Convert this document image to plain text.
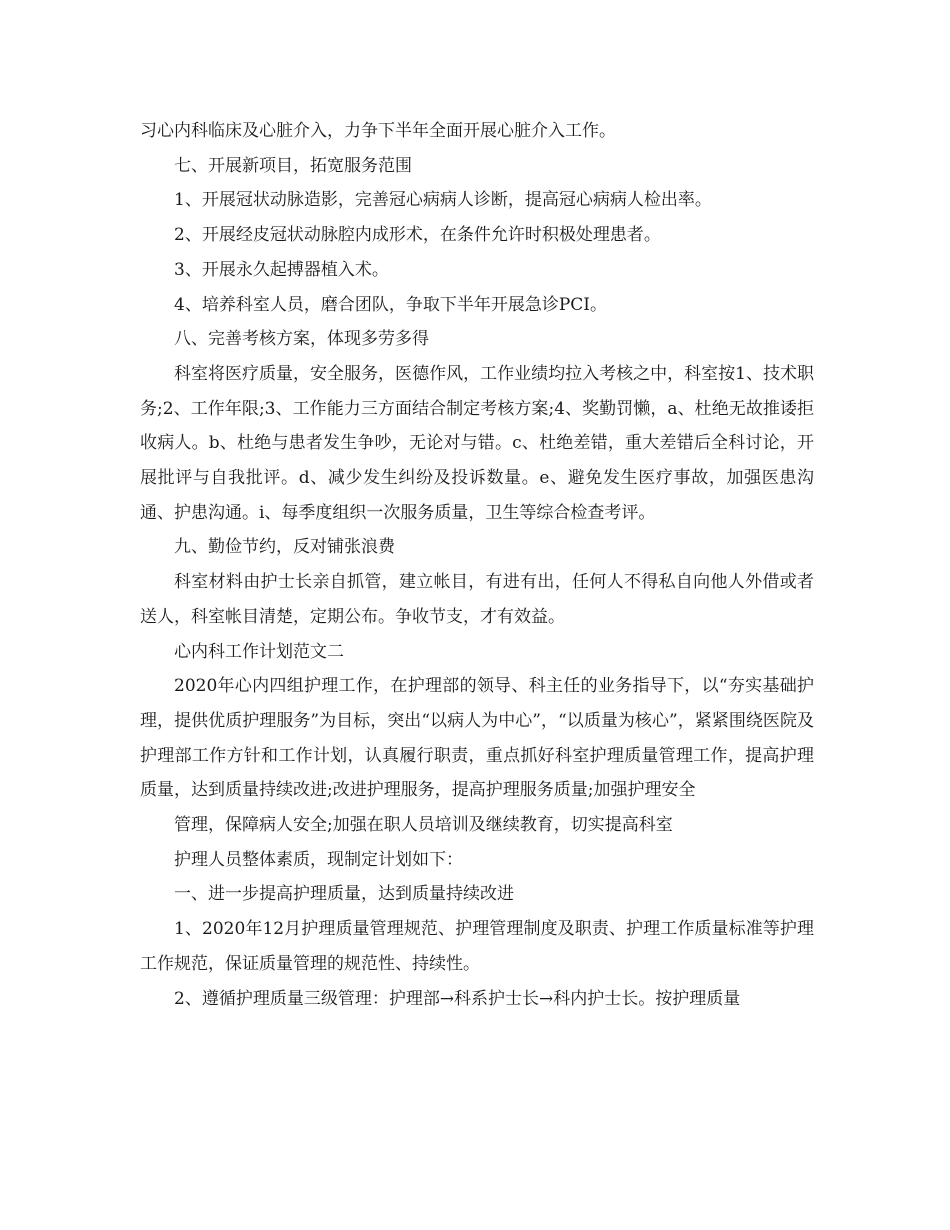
习心内科临床及心脏介入，力争下半年全面开展心脏介入工作。

七、开展新项目，拓宽服务范围

1、开展冠状动脉造影，完善冠心病病人诊断，提高冠心病病人检出率。

2、开展经皮冠状动脉腔内成形术，在条件允许时积极处理患者。

3、开展永久起搏器植入术。

4、培养科室人员，磨合团队，争取下半年开展急诊PCI。

八、完善考核方案，体现多劳多得

科室将医疗质量，安全服务，医德作风，工作业绩均拉入考核之中，科室按1、技术职务;2、工作年限;3、工作能力三方面结合制定考核方案;4、奖勤罚懒，a、杜绝无故推诿拒收病人。b、杜绝与患者发生争吵，无论对与错。c、杜绝差错，重大差错后全科讨论，开展批评与自我批评。d、减少发生纠纷及投诉数量。e、避免发生医疗事故，加强医患沟通、护患沟通。i、每季度组织一次服务质量，卫生等综合检查考评。

九、勤俭节约，反对铺张浪费

科室材料由护士长亲自抓管，建立帐目，有进有出，任何人不得私自向他人外借或者送人，科室帐目清楚，定期公布。争收节支，才有效益。

心内科工作计划范文二

2020年心内四组护理工作，在护理部的领导、科主任的业务指导下，以“夯实基础护理，提供优质护理服务”为目标，突出“以病人为中心”，“以质量为核心”，紧紧围绕医院及护理部工作方针和工作计划，认真履行职责，重点抓好科室护理质量管理工作，提高护理质量，达到质量持续改进;改进护理服务，提高护理服务质量;加强护理安全

管理，保障病人安全;加强在职人员培训及继续教育，切实提高科室

护理人员整体素质，现制定计划如下：

一、进一步提高护理质量，达到质量持续改进

1、2020年12月护理质量管理规范、护理管理制度及职责、护理工作质量标准等护理工作规范，保证质量管理的规范性、持续性。

2、遵循护理质量三级管理：护理部→科系护士长→科内护士长。按护理质量
